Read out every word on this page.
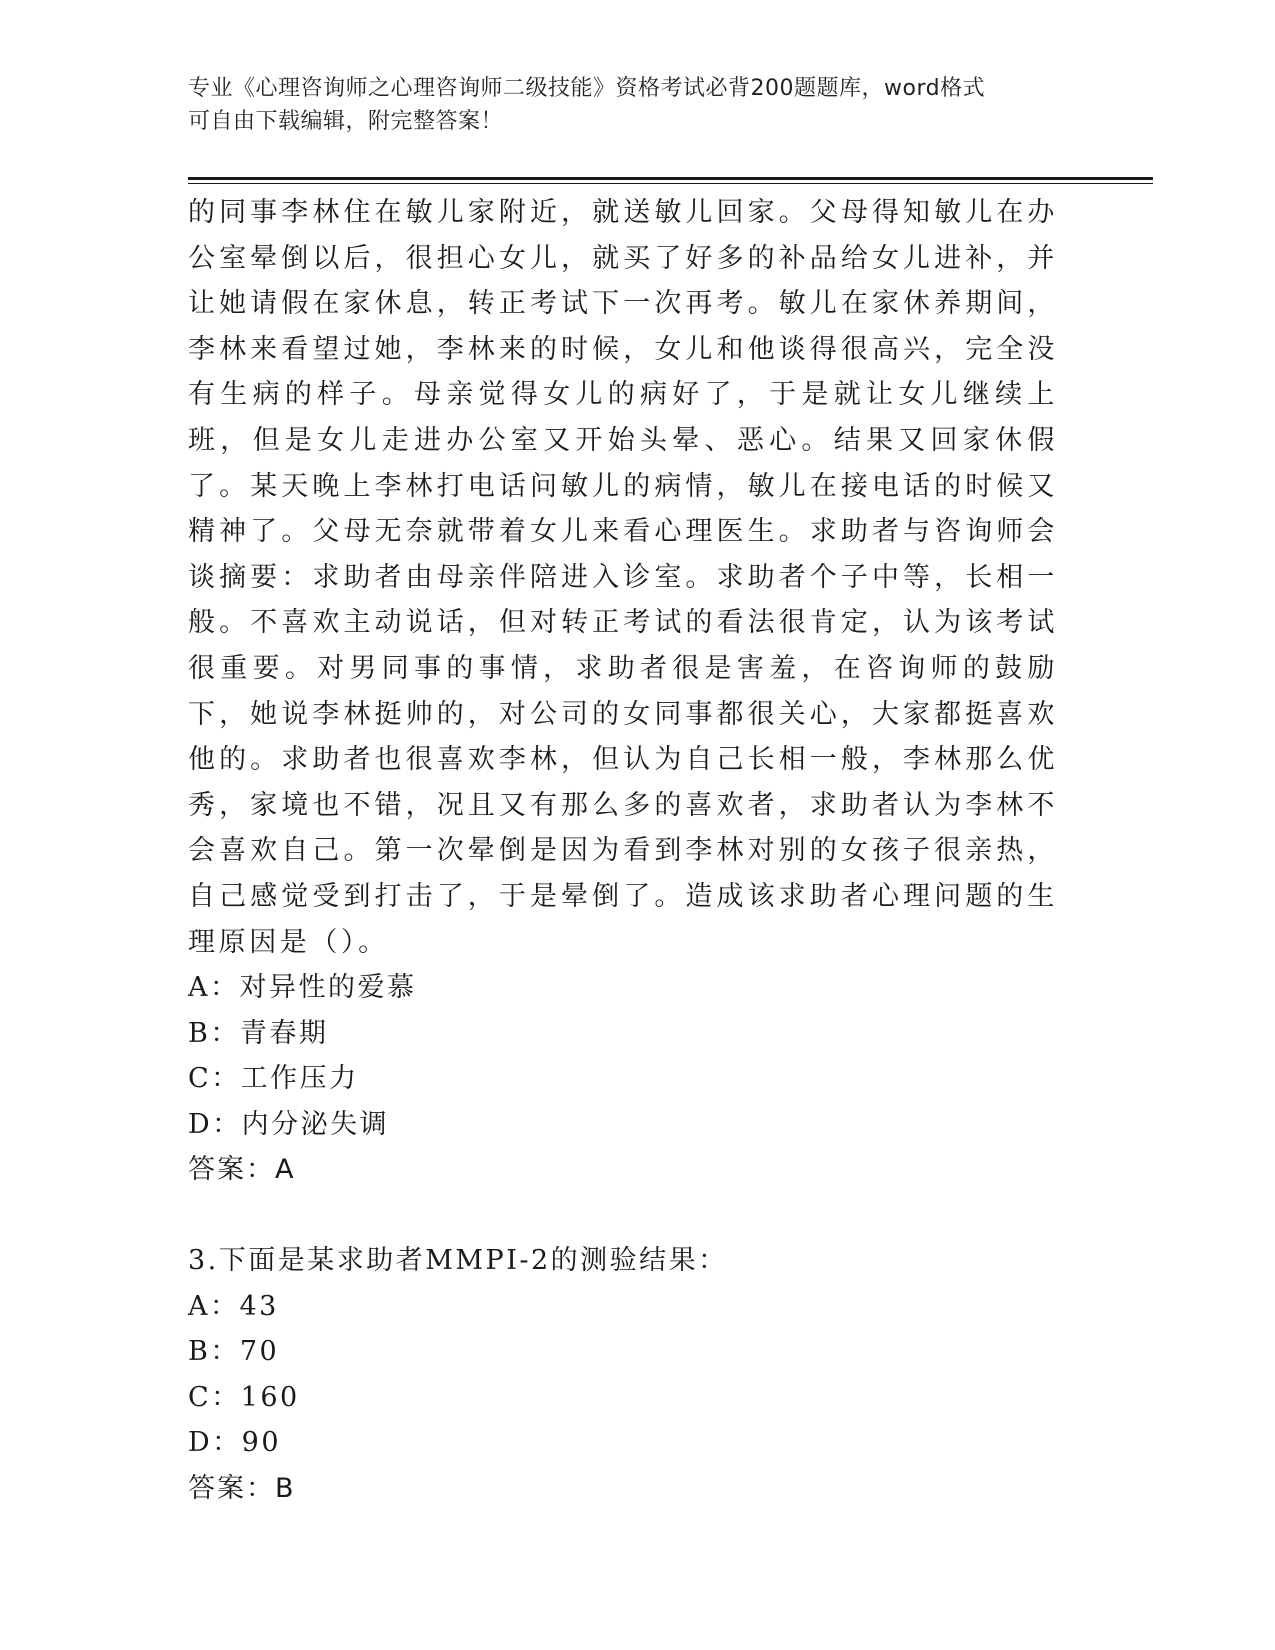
专业《心理咨询师之心理咨询师二级技能》资格考试必背200题题库，word格式
可自由下载编辑，附完整答案！

的同事李林住在敏儿家附近，就送敏儿回家。父母得知敏儿在办公室晕倒以后，很担心女儿，就买了好多的补品给女儿进补，并让她请假在家休息，转正考试下一次再考。敏儿在家休养期间，李林来看望过她，李林来的时候，女儿和他谈得很高兴，完全没有生病的样子。母亲觉得女儿的病好了，于是就让女儿继续上班，但是女儿走进办公室又开始头晕、恶心。结果又回家休假了。某天晚上李林打电话问敏儿的病情，敏儿在接电话的时候又精神了。父母无奈就带着女儿来看心理医生。求助者与咨询师会谈摘要：求助者由母亲伴陪进入诊室。求助者个子中等，长相一般。不喜欢主动说话，但对转正考试的看法很肯定，认为该考试很重要。对男同事的事情，求助者很是害羞，在咨询师的鼓励下，她说李林挺帅的，对公司的女同事都很关心，大家都挺喜欢他的。求助者也很喜欢李林，但认为自己长相一般，李林那么优秀，家境也不错，况且又有那么多的喜欢者，求助者认为李林不会喜欢自己。第一次晕倒是因为看到李林对别的女孩子很亲热，自己感觉受到打击了，于是晕倒了。造成该求助者心理问题的生理原因是（）。

A：对异性的爱慕

B：青春期

C：工作压力

D：内分泌失调

答案：A

3.下面是某求助者MMPI-2的测验结果：

A：43

B：70

C：160

D：90

答案：B
